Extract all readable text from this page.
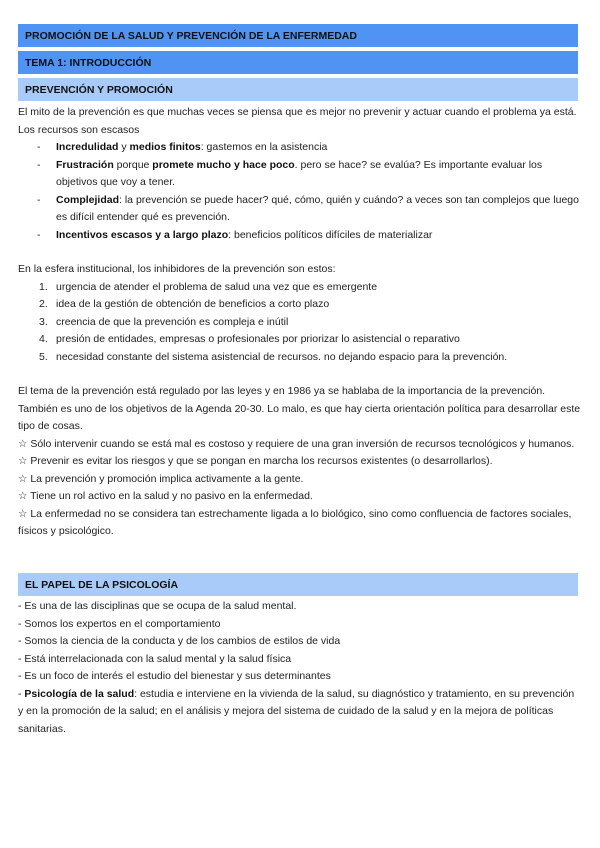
PROMOCIÓN DE LA SALUD Y PREVENCIÓN DE LA ENFERMEDAD
TEMA 1: INTRODUCCIÓN
PREVENCIÓN Y PROMOCIÓN

El mito de la prevención es que muchas veces se piensa que es mejor no prevenir y actuar cuando el problema ya está. Los recursos son escasos

- Incredulidad y medios finitos: gastemos en la asistencia
- Frustración porque promete mucho y hace poco. pero se hace? se evalúa? Es importante evaluar los objetivos que voy a tener.
- Complejidad: la prevención se puede hacer? qué, cómo, quién y cuándo? a veces son tan complejos que luego es difícil entender qué es prevención.
- Incentivos escasos y a largo plazo: beneficios políticos difíciles de materializar

En la esfera institucional, los inhibidores de la prevención son estos:

1. urgencia de atender el problema de salud una vez que es emergente
2. idea de la gestión de obtención de beneficios a corto plazo
3. creencia de que la prevención es compleja e inútil
4. presión de entidades, empresas o profesionales por priorizar lo asistencial o reparativo
5. necesidad constante del sistema asistencial de recursos. no dejando espacio para la prevención.

El tema de la prevención está regulado por las leyes y en 1986 ya se hablaba de la importancia de la prevención. También es uno de los objetivos de la Agenda 20-30. Lo malo, es que hay cierta orientación política para desarrollar este tipo de cosas.

☆ Sólo intervenir cuando se está mal es costoso y requiere de una gran inversión de recursos tecnológicos y humanos.

☆ Prevenir es evitar los riesgos y que se pongan en marcha los recursos existentes (o desarrollarlos).

☆ La prevención y promoción implica activamente a la gente.

☆ Tiene un rol activo en la salud y no pasivo en la enfermedad.

☆ La enfermedad no se considera tan estrechamente ligada a lo biológico, sino como confluencia de factores sociales, físicos y psicológico.

EL PAPEL DE LA PSICOLOGÍA

- Es una de las disciplinas que se ocupa de la salud mental.

- Somos los expertos en el comportamiento

- Somos la ciencia de la conducta y de los cambios de estilos de vida

- Está interrelacionada con la salud mental y la salud física

- Es un foco de interés el estudio del bienestar y sus determinantes

- Psicología de la salud: estudia e interviene en la vivienda de la salud, su diagnóstico y tratamiento, en su prevención y en la promoción de la salud; en el análisis y mejora del sistema de cuidado de la salud y en la mejora de políticas sanitarias.
